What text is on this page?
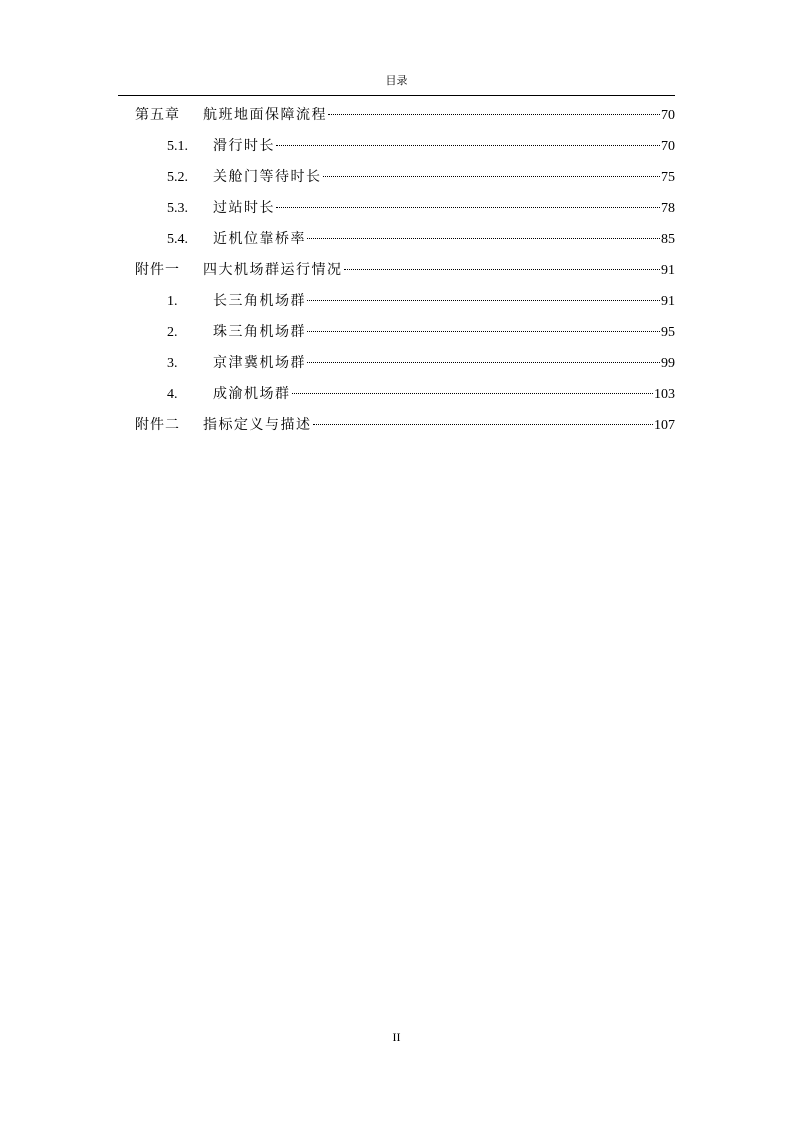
目录
第五章	航班地面保障流程	70
5.1.	滑行时长	70
5.2.	关舱门等待时长	75
5.3.	过站时长	78
5.4.	近机位靠桥率	85
附件一	四大机场群运行情况	91
1.	长三角机场群	91
2.	珠三角机场群	95
3.	京津冀机场群	99
4.	成渝机场群	103
附件二	指标定义与描述	107
II
